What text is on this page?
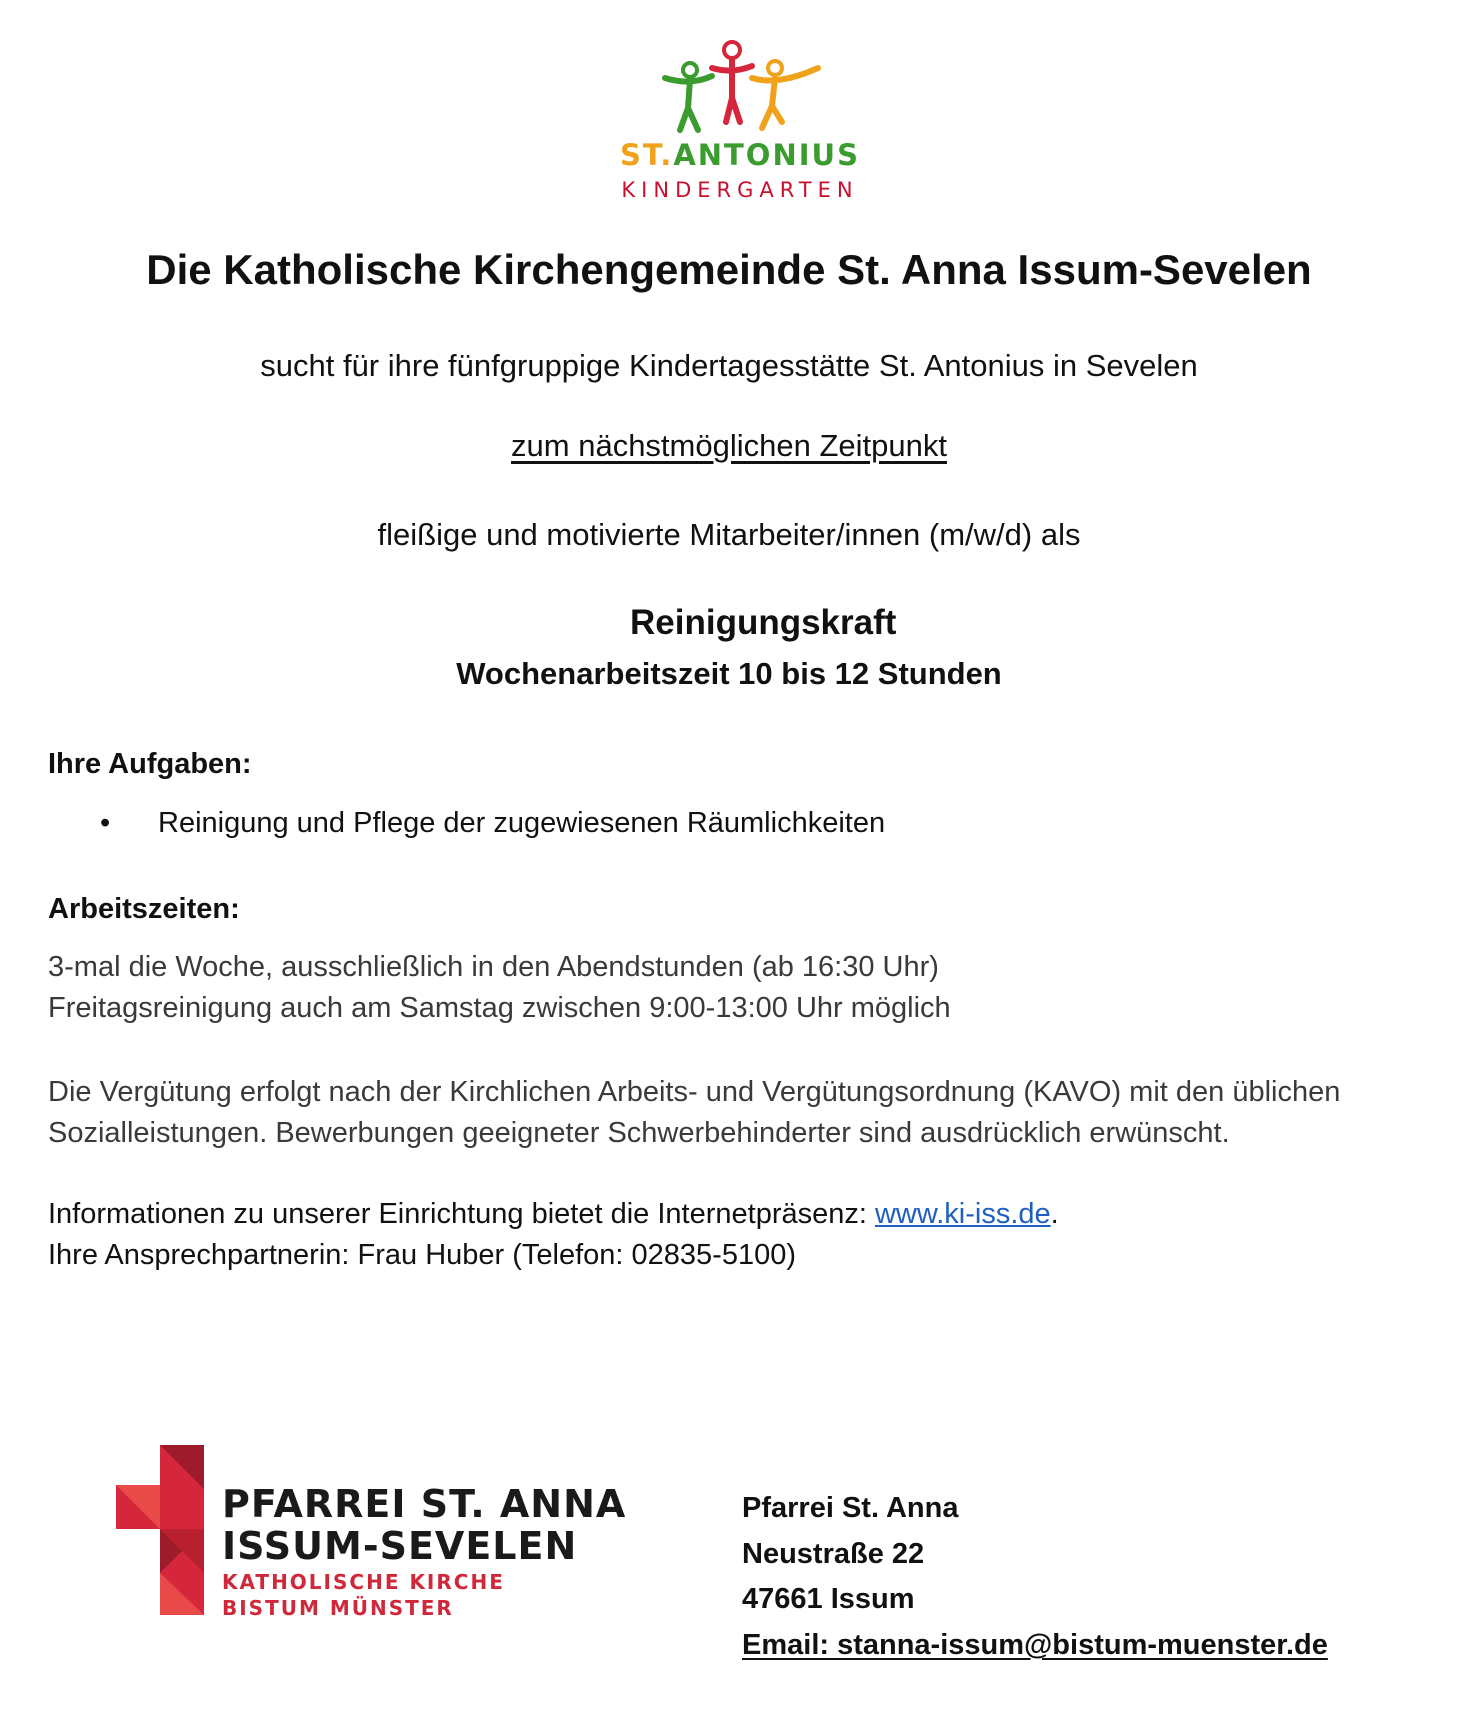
ST.ANTONIUS
KINDERGARTEN
Die Katholische Kirchengemeinde St. Anna Issum-Sevelen
sucht für ihre fünfgruppige Kindertagesstätte St. Antonius in Sevelen
zum nächstmöglichen Zeitpunkt
fleißige und motivierte Mitarbeiter/innen (m/w/d) als
Reinigungskraft
Wochenarbeitszeit 10 bis 12 Stunden
Ihre Aufgaben:
• Reinigung und Pflege der zugewiesenen Räumlichkeiten
Arbeitszeiten:
3-mal die Woche, ausschließlich in den Abendstunden (ab 16:30 Uhr)
Freitagsreinigung auch am Samstag zwischen 9:00-13:00 Uhr möglich
Die Vergütung erfolgt nach der Kirchlichen Arbeits- und Vergütungsordnung (KAVO) mit den üblichen
Sozialleistungen. Bewerbungen geeigneter Schwerbehinderter sind ausdrücklich erwünscht.
Informationen zu unserer Einrichtung bietet die Internetpräsenz: www.ki-iss.de.
Ihre Ansprechpartnerin: Frau Huber (Telefon: 02835-5100)
PFARREI ST. ANNA
ISSUM-SEVELEN
KATHOLISCHE KIRCHE
BISTUM MÜNSTER
Pfarrei St. Anna
Neustraße 22
47661 Issum
Email: stanna-issum@bistum-muenster.de
